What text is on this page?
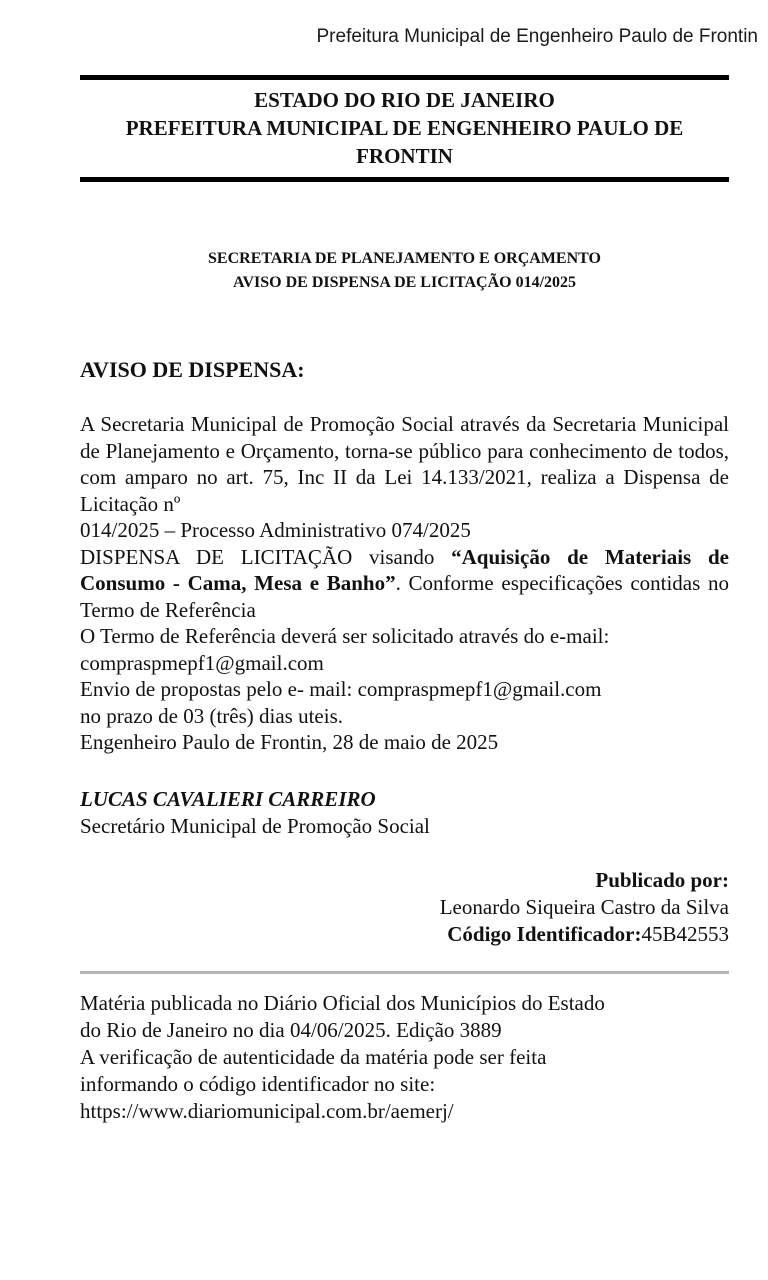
Prefeitura Municipal de Engenheiro Paulo de Frontin
ESTADO DO RIO DE JANEIRO
PREFEITURA MUNICIPAL DE ENGENHEIRO PAULO DE
FRONTIN
SECRETARIA DE PLANEJAMENTO E ORÇAMENTO
AVISO DE DISPENSA DE LICITAÇÃO 014/2025
AVISO DE DISPENSA:

A Secretaria Municipal de Promoção Social através da Secretaria Municipal de Planejamento e Orçamento, torna-se público para conhecimento de todos, com amparo no art. 75, Inc II da Lei 14.133/2021, realiza a Dispensa de Licitação nº

014/2025 – Processo Administrativo 074/2025

DISPENSA DE LICITAÇÃO visando “Aquisição de Materiais de Consumo - Cama, Mesa e Banho”. Conforme especificações contidas no Termo de Referência

O Termo de Referência deverá ser solicitado através do e-mail:

compraspmepf1@gmail.com

Envio de propostas pelo e- mail: compraspmepf1@gmail.com

no prazo de 03 (três) dias uteis.

Engenheiro Paulo de Frontin, 28 de maio de 2025

LUCAS CAVALIERI CARREIRO
Secretário Municipal de Promoção Social
Publicado por:
Leonardo Siqueira Castro da Silva
Código Identificador:45B42553
Matéria publicada no Diário Oficial dos Municípios do Estado
do Rio de Janeiro no dia 04/06/2025. Edição 3889
A verificação de autenticidade da matéria pode ser feita
informando o código identificador no site:
https://www.diariomunicipal.com.br/aemerj/
